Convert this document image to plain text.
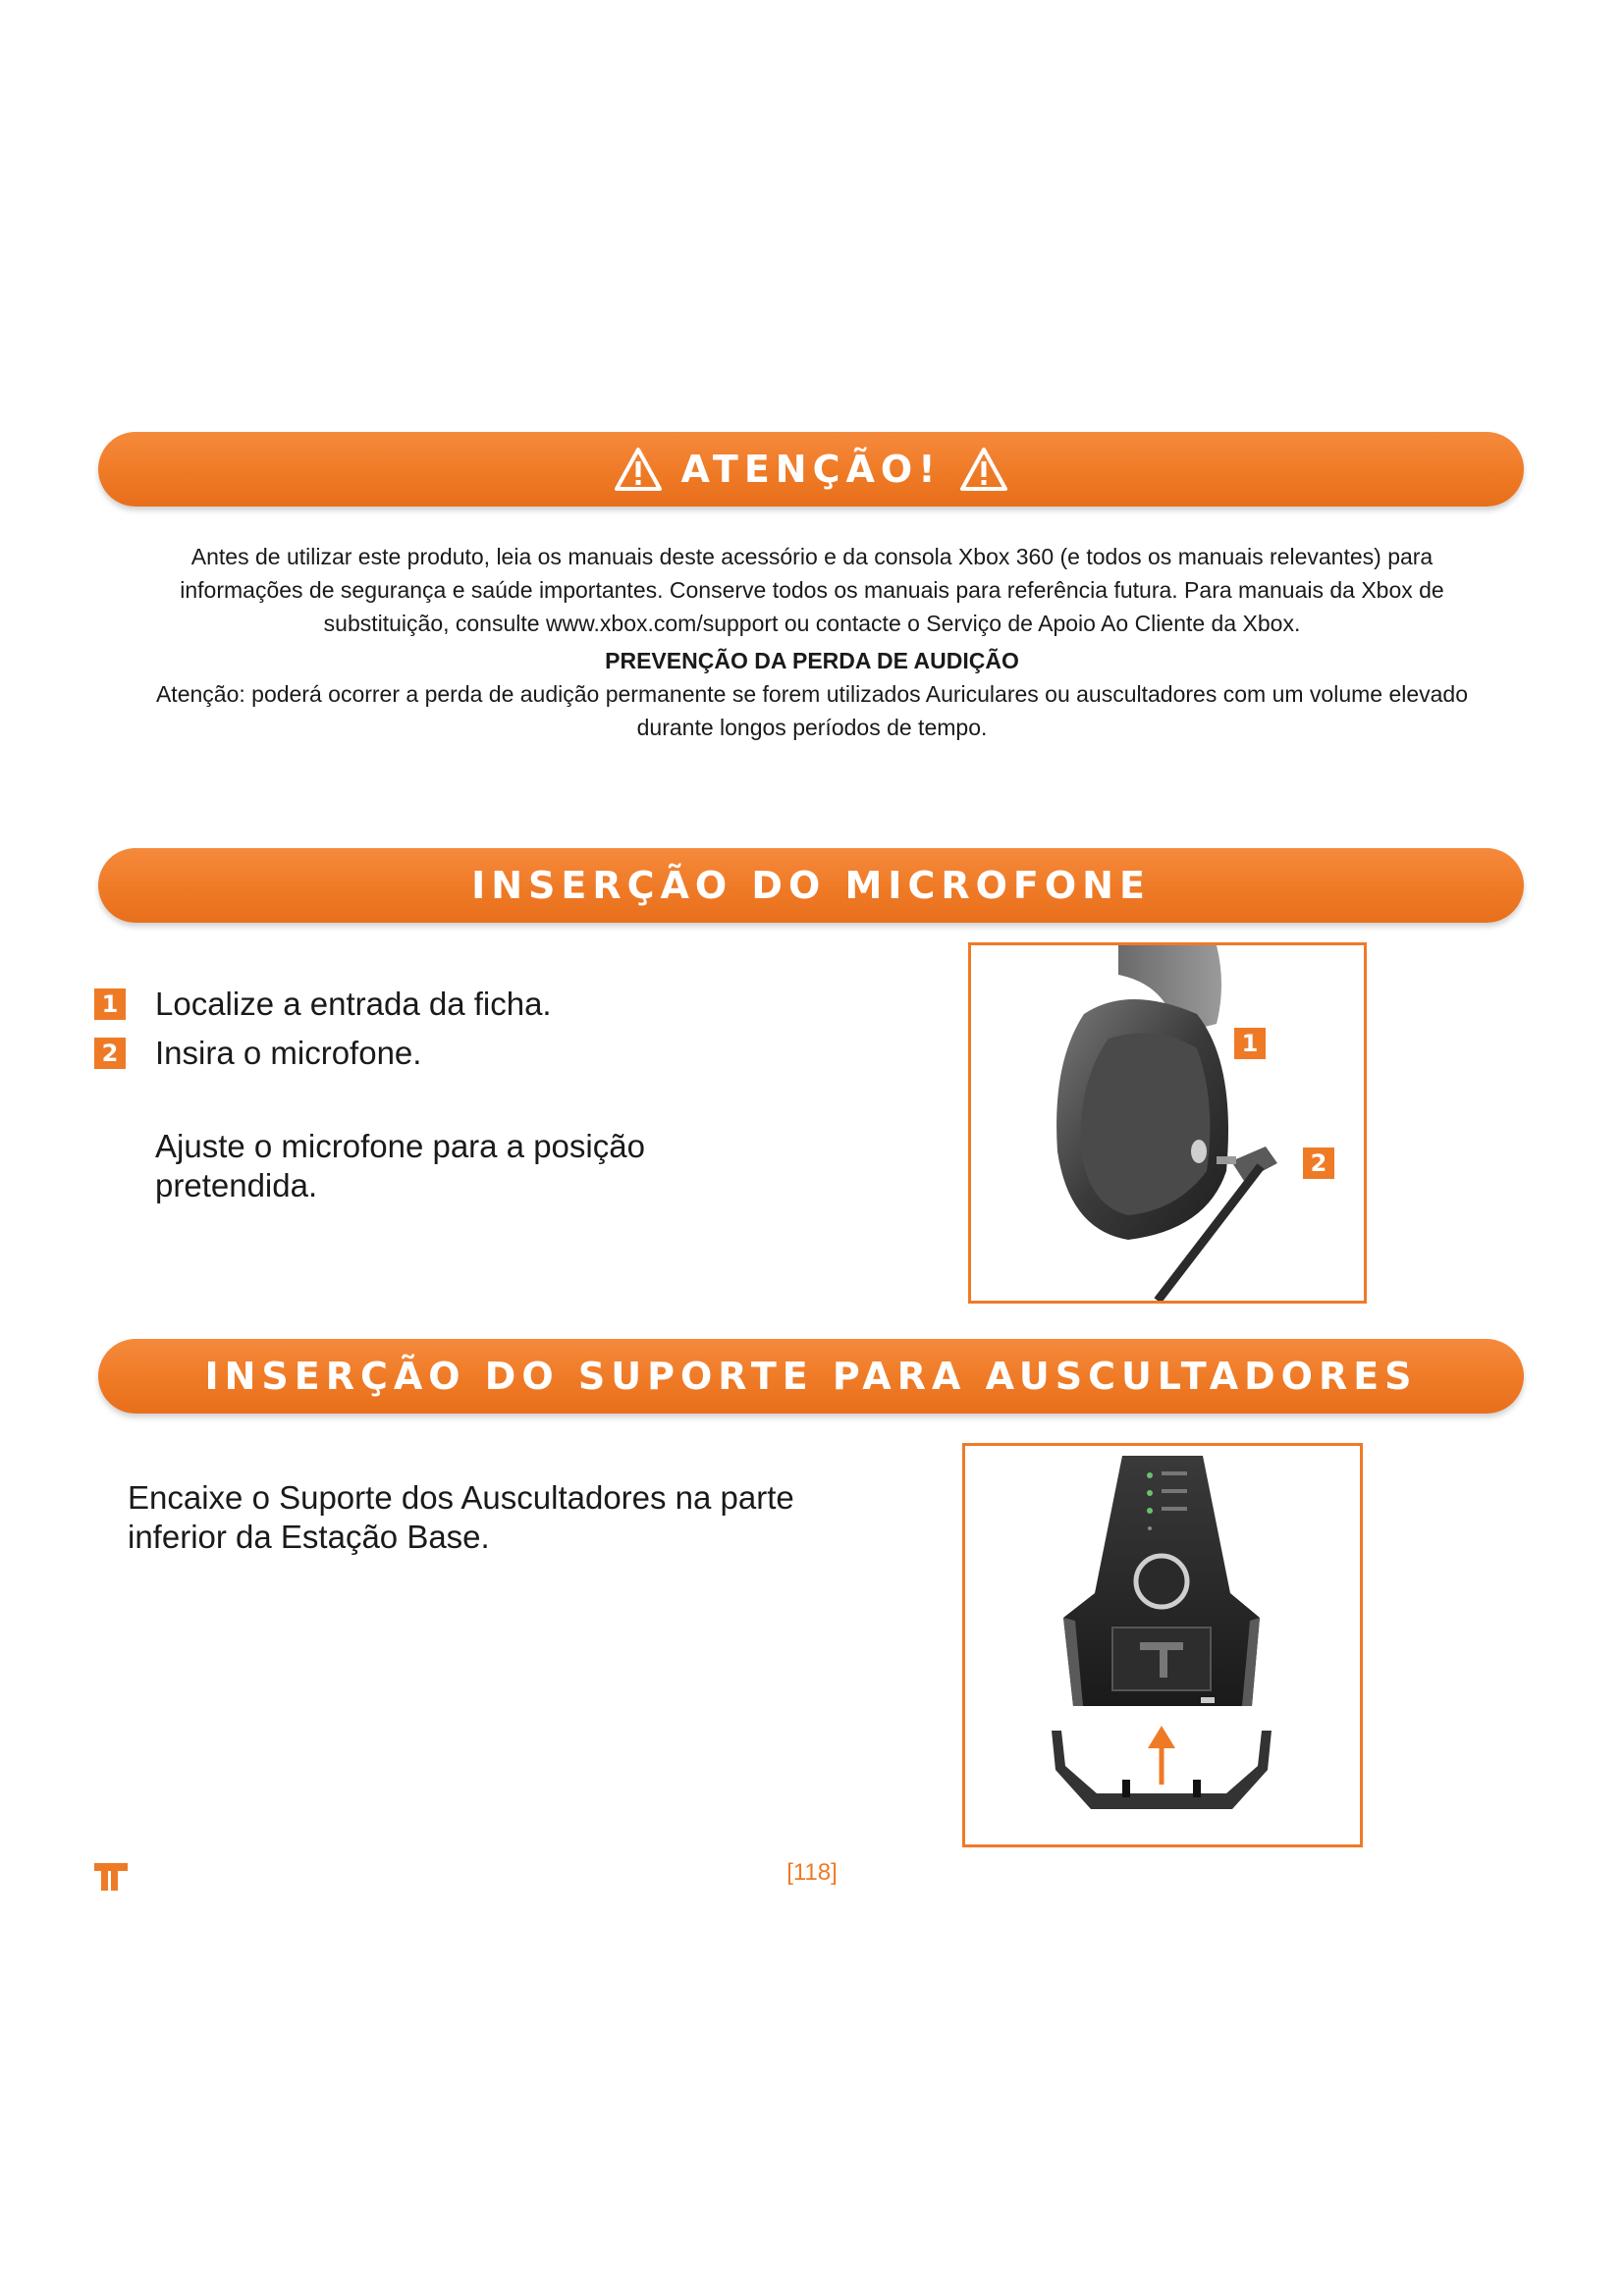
ATENÇÃO!

Antes de utilizar este produto, leia os manuais deste acessório e da consola Xbox 360 (e todos os manuais relevantes) para

informações de segurança e saúde importantes. Conserve todos os manuais para referência futura. Para manuais da Xbox de

substituição, consulte www.xbox.com/support ou contacte o Serviço de Apoio Ao Cliente da Xbox.

PREVENÇÃO DA PERDA DE AUDIÇÃO

Atenção: poderá ocorrer a perda de audição permanente se forem utilizados Auriculares ou auscultadores com um volume elevado

durante longos períodos de tempo.

INSERÇÃO DO MICROFONE
1 Localize a entrada da ficha.
2 Insira o microfone.
Ajuste o microfone para a posição
pretendida.
1
2
INSERÇÃO DO SUPORTE PARA AUSCULTADORES
Encaixe o Suporte dos Auscultadores na parte
inferior da Estação Base.
[118]
